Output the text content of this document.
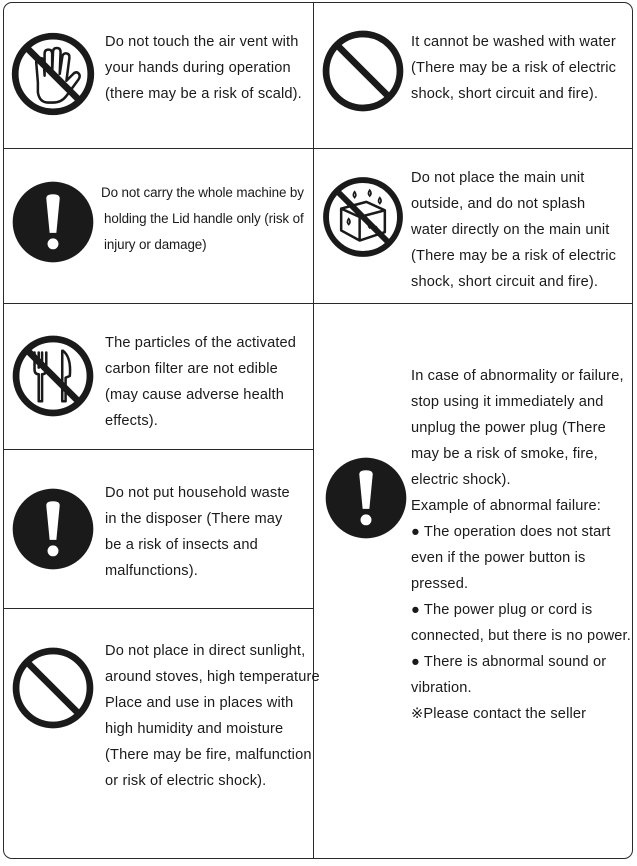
Do not touch the air vent with
your hands during operation
(there may be a risk of scald).
It cannot be washed with water
(There may be a risk of electric
shock, short circuit and fire).
Do not carry the whole machine by
holding the Lid handle only (risk of
injury or damage)
Do not place the main unit
outside, and do not splash
water directly on the main unit
(There may be a risk of electric
shock, short circuit and fire).
The particles of the activated
carbon filter are not edible
(may cause adverse health
effects).
Do not put household waste
in the disposer (There may
be a risk of insects and
malfunctions).
Do not place in direct sunlight,
around stoves, high temperature
Place and use in places with
high humidity and moisture
(There may be fire, malfunction
or risk of electric shock).
In case of abnormality or failure,
stop using it immediately and
unplug the power plug (There
may be a risk of smoke, fire,
electric shock).
Example of abnormal failure:
● The operation does not start
even if the power button is
pressed.
● The power plug or cord is
connected, but there is no power.
● There is abnormal sound or
vibration.
※Please contact the seller
